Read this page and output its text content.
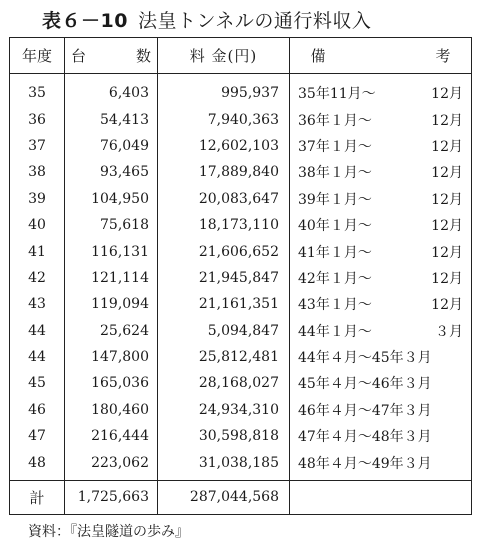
表６－10 法皇トンネルの通行料収入
年度	台　数	料 金(円)	備　　考
35	6,403	995,937	35年11月～ 12月

36	54,413	7,940,363	36年１月～ 12月

37	76,049	12,602,103	37年１月～ 12月

38	93,465	17,889,840	38年１月～ 12月

39	104,950	20,083,647	39年１月～ 12月

40	75,618	18,173,110	40年１月～ 12月

41	116,131	21,606,652	41年１月～ 12月

42	121,114	21,945,847	42年１月～ 12月

43	119,094	21,161,351	43年１月～ 12月

44	25,624	5,094,847	44年１月～ ３月

44	147,800	25,812,481	44年４月～45年３月

45	165,036	28,168,027	45年４月～46年３月

46	180,460	24,934,310	46年４月～47年３月

47	216,444	30,598,818	47年４月～48年３月

48	223,062	31,038,185	48年４月～49年３月

計	1,725,663	287,044,568	
資料：『法皇隧道の歩み』
